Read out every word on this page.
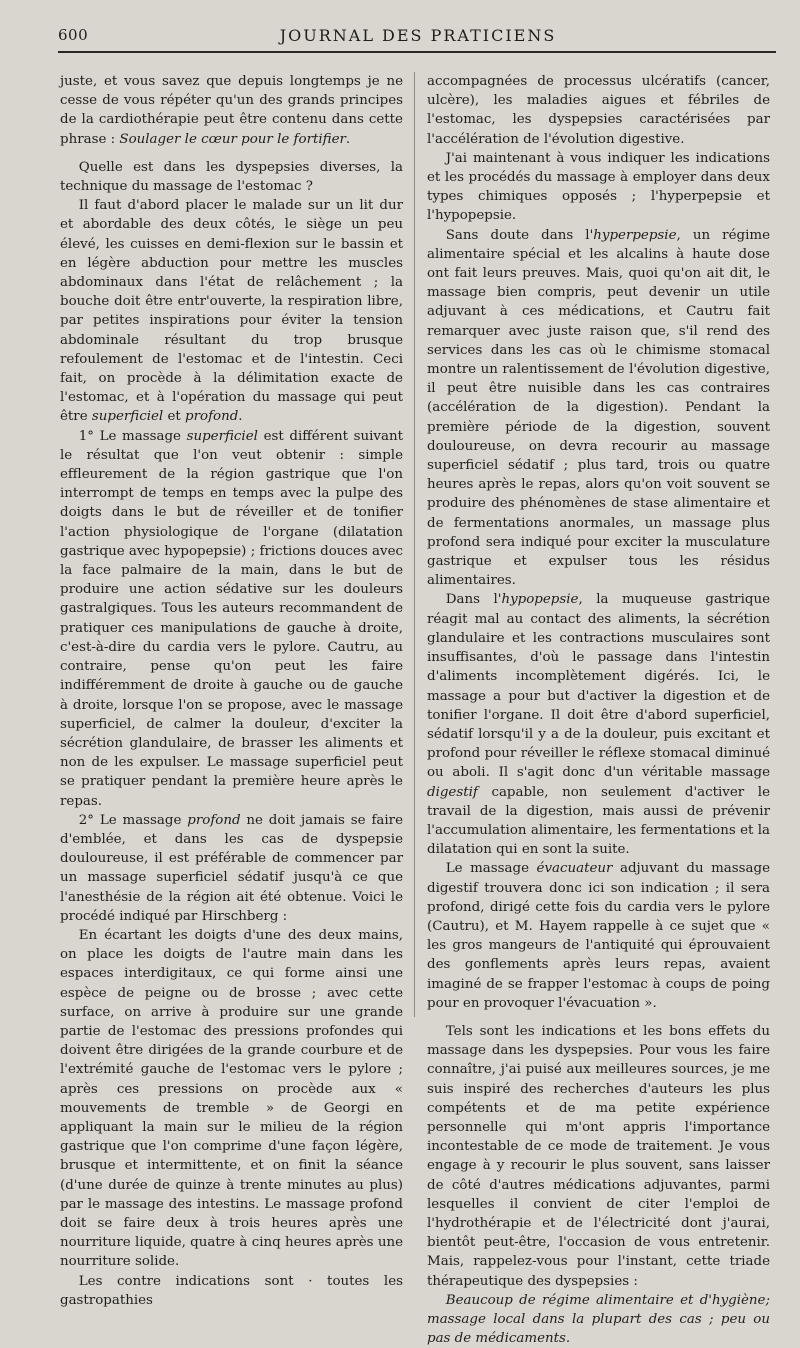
600	JOURNAL DES PRATICIENS

juste, et vous savez que depuis longtemps je ne cesse de vous répéter qu'un des grands principes de la cardiothérapie peut être contenu dans cette phrase : Soulager le cœur pour le fortifier.

Quelle est dans les dyspepsies diverses, la technique du massage de l'estomac ?

Il faut d'abord placer le malade sur un lit dur et abordable des deux côtés, le siège un peu élevé, les cuisses en demi-flexion sur le bassin et en légère abduction pour mettre les muscles abdominaux dans l'état de relâchement ; la bouche doit être entr'ouverte, la respiration libre, par petites inspirations pour éviter la tension abdominale résultant du trop brusque refoulement de l'estomac et de l'intestin. Ceci fait, on procède à la délimitation exacte de l'estomac, et à l'opération du massage qui peut être superficiel et profond.

1° Le massage superficiel est différent suivant le résultat que l'on veut obtenir : simple effleurement de la région gastrique que l'on interrompt de temps en temps avec la pulpe des doigts dans le but de réveiller et de tonifier l'action physiologique de l'organe (dilatation gastrique avec hypopepsie) ; frictions douces avec la face palmaire de la main, dans le but de produire une action sédative sur les douleurs gastralgiques. Tous les auteurs recommandent de pratiquer ces manipulations de gauche à droite, c'est-à-dire du cardia vers le pylore. Cautru, au contraire, pense qu'on peut les faire indifféremment de droite à gauche ou de gauche à droite, lorsque l'on se propose, avec le massage superficiel, de calmer la douleur, d'exciter la sécrétion glandulaire, de brasser les aliments et non de les expulser. Le massage superficiel peut se pratiquer pendant la première heure après le repas.

2° Le massage profond ne doit jamais se faire d'emblée, et dans les cas de dyspepsie douloureuse, il est préférable de commencer par un massage superficiel sédatif jusqu'à ce que l'anesthésie de la région ait été obtenue. Voici le procédé indiqué par Hirschberg :

En écartant les doigts d'une des deux mains, on place les doigts de l'autre main dans les espaces interdigitaux, ce qui forme ainsi une espèce de peigne ou de brosse ; avec cette surface, on arrive à produire sur une grande partie de l'estomac des pressions profondes qui doivent être dirigées de la grande courbure et de l'extrémité gauche de l'estomac vers le pylore ; après ces pressions on procède aux « mouvements de tremble » de Georgi en appliquant la main sur le milieu de la région gastrique que l'on comprime d'une façon légère, brusque et intermittente, et on finit la séance (d'une durée de quinze à trente minutes au plus) par le massage des intestins. Le massage profond doit se faire deux à trois heures après une nourriture liquide, quatre à cinq heures après une nourriture solide.

Les contre indications sont · toutes les gastropathies

accompagnées de processus ulcératifs (cancer, ulcère), les maladies aigues et fébriles de l'estomac, les dyspepsies caractérisées par l'accélération de l'évolution digestive.

J'ai maintenant à vous indiquer les indications et les procédés du massage à employer dans deux types chimiques opposés ; l'hyperpepsie et l'hypopepsie.

Sans doute dans l'hyperpepsie, un régime alimentaire spécial et les alcalins à haute dose ont fait leurs preuves. Mais, quoi qu'on ait dit, le massage bien compris, peut devenir un utile adjuvant à ces médications, et Cautru fait remarquer avec juste raison que, s'il rend des services dans les cas où le chimisme stomacal montre un ralentissement de l'évolution digestive, il peut être nuisible dans les cas contraires (accélération de la digestion). Pendant la première période de la digestion, souvent douloureuse, on devra recourir au massage superficiel sédatif ; plus tard, trois ou quatre heures après le repas, alors qu'on voit souvent se produire des phénomènes de stase alimentaire et de fermentations anormales, un massage plus profond sera indiqué pour exciter la musculature gastrique et expulser tous les résidus alimentaires.

Dans l'hypopepsie, la muqueuse gastrique réagit mal au contact des aliments, la sécrétion glandulaire et les contractions musculaires sont insuffisantes, d'où le passage dans l'intestin d'aliments incomplètement digérés. Ici, le massage a pour but d'activer la digestion et de tonifier l'organe. Il doit être d'abord superficiel, sédatif lorsqu'il y a de la douleur, puis excitant et profond pour réveiller le réflexe stomacal diminué ou aboli. Il s'agit donc d'un véritable massage digestif capable, non seulement d'activer le travail de la digestion, mais aussi de prévenir l'accumulation alimentaire, les fermentations et la dilatation qui en sont la suite.

Le massage évacuateur adjuvant du massage digestif trouvera donc ici son indication ; il sera profond, dirigé cette fois du cardia vers le pylore (Cautru), et M. Hayem rappelle à ce sujet que « les gros mangeurs de l'antiquité qui éprouvaient des gonflements après leurs repas, avaient imaginé de se frapper l'estomac à coups de poing pour en provoquer l'évacuation ».

Tels sont les indications et les bons effets du massage dans les dyspepsies. Pour vous les faire connaître, j'ai puisé aux meilleures sources, je me suis inspiré des recherches d'auteurs les plus compétents et de ma petite expérience personnelle qui m'ont appris l'importance incontestable de ce mode de traitement. Je vous engage à y recourir le plus souvent, sans laisser de côté d'autres médications adjuvantes, parmi lesquelles il convient de citer l'emploi de l'hydrothérapie et de l'électricité dont j'aurai, bientôt peut-être, l'occasion de vous entretenir. Mais, rappelez-vous pour l'instant, cette triade thérapeutique des dyspepsies :

Beaucoup de régime alimentaire et d'hygiène; massage local dans la plupart des cas ; peu ou pas de médicaments.
